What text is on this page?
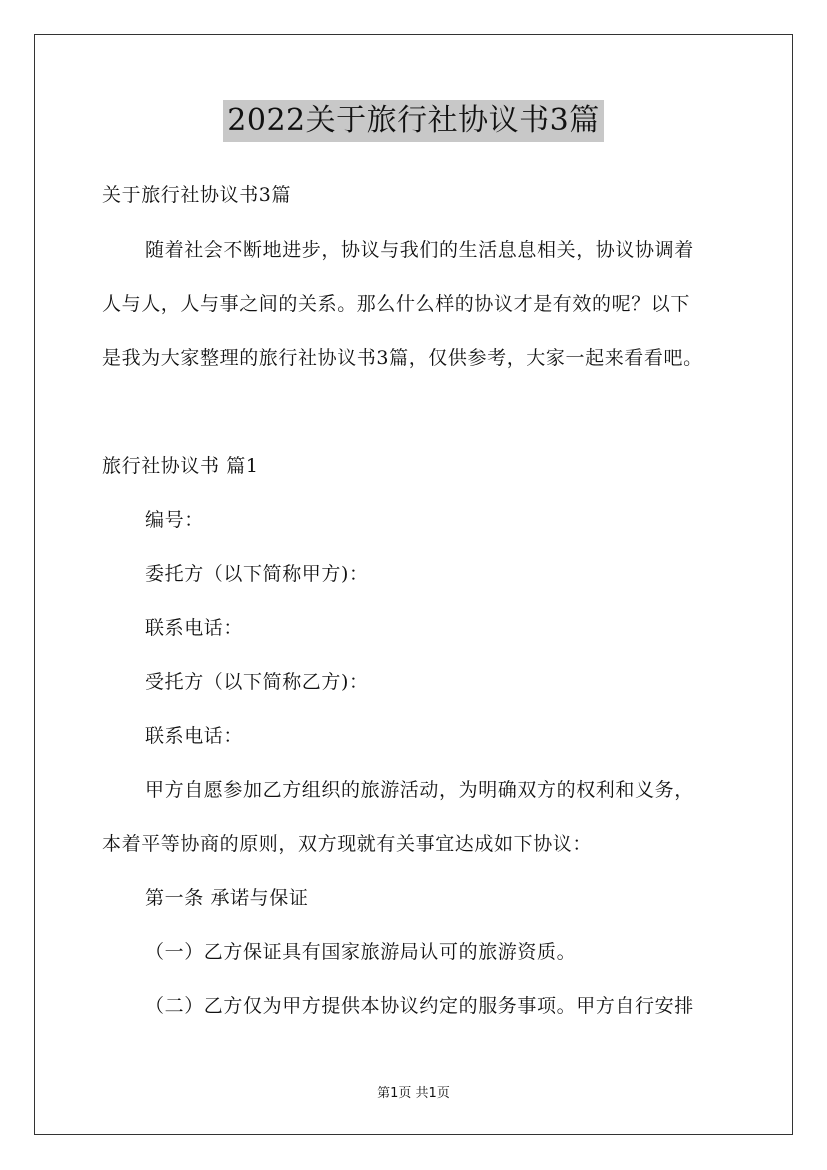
2022关于旅行社协议书3篇
关于旅行社协议书3篇
随着社会不断地进步，协议与我们的生活息息相关，协议协调着
人与人，人与事之间的关系。那么什么样的协议才是有效的呢？以下
是我为大家整理的旅行社协议书3篇，仅供参考，大家一起来看看吧。
旅行社协议书 篇1
编号：
委托方（以下简称甲方)：
联系电话：
受托方（以下简称乙方)：
联系电话：
甲方自愿参加乙方组织的旅游活动，为明确双方的权利和义务，
本着平等协商的原则，双方现就有关事宜达成如下协议：
第一条 承诺与保证
（一）乙方保证具有国家旅游局认可的旅游资质。
（二）乙方仅为甲方提供本协议约定的服务事项。甲方自行安排
第1页 共1页
